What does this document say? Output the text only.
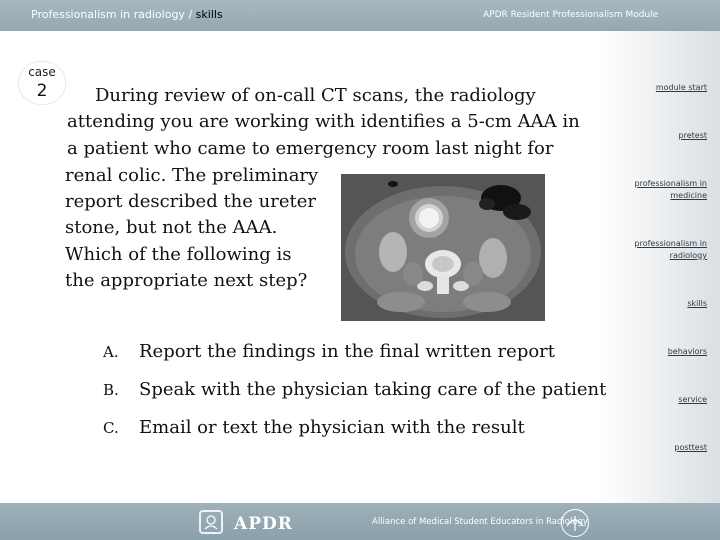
Professionalism in radiology / skills	APDR Resident Professionalism Module
case
2	During review of on-call CT scans, the radiology
attending you are working with identifies a 5-cm AAA in
a patient who came to emergency room last night for
renal colic. The preliminary
report described the ureter
stone, but not the AAA.
Which of the following is
the appropriate next step?
A. Report the findings in the final written report
B. Speak with the physician taking care of the patient
C. Email or text the physician with the result
module start
pretest
professionalism in
medicine
professionalism in
radiology
skills
behaviors
service
posttest
APDR	Alliance of Medical Student Educators in Radiology
